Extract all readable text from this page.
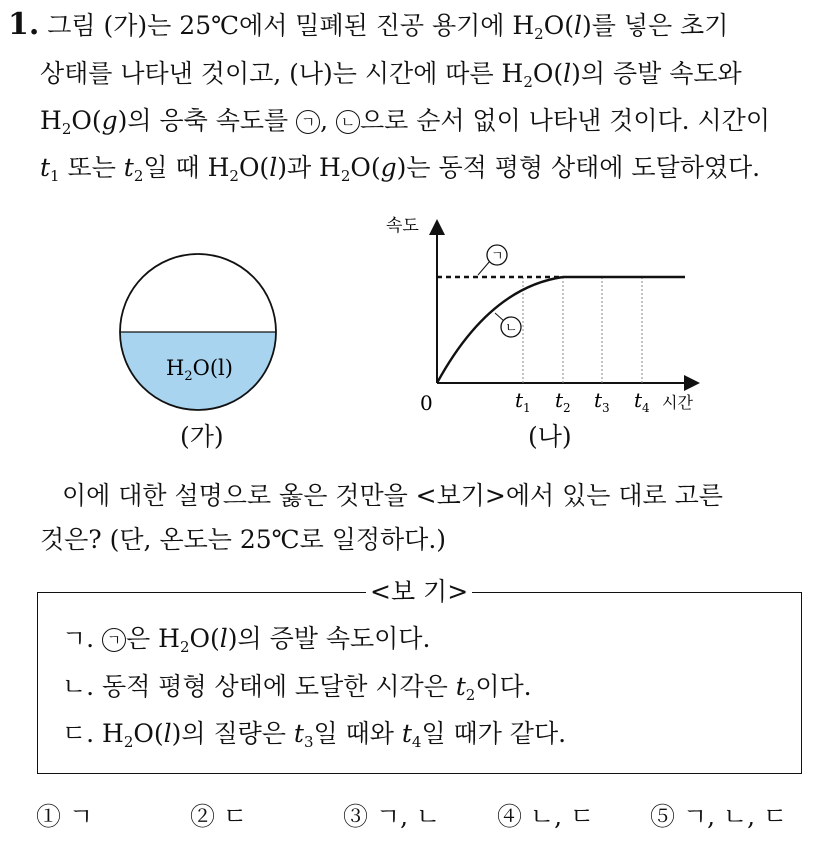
1. 그림 (가)는 25℃에서 밀폐된 진공 용기에 $H_2O(l)$를 넣은 초기
상태를 나타낸 것이고, (나)는 시간에 따른 $H_2O(l)$의 증발 속도와
$H_2O(g)$의 응축 속도를 ㄱ , ㄴ 으로 순서 없이 나타낸 것이다. 시간이
$t_1$ 또는 $t_2$일 때 $H_2O(l)$과 $H_2O(g)$는 동적 평형 상태에 도달하였다.
$H_2O(l)$
(가)
속도
ㄱ
ㄴ
$t_1$ $t_2$ $t_3$ $t_4$
0	시간
(나)
이에 대한 설명으로 옳은 것만을 <보기>에서 있는 대로 고른
것은? (단, 온도는 25℃로 일정하다.)
<보 기>
ㄱ. ㄱ 은 $H_2O(l)$의 증발 속도이다.
ㄴ. 동적 평형 상태에 도달한 시각은 $t_2$이다.
ㄷ. $H_2O(l)$의 질량은 $t_3$일 때와 $t_4$일 때가 같다.
① ㄱ	② ㄷ	③ ㄱ, ㄴ ④ ㄴ, ㄷ ⑤ ㄱ, ㄴ, ㄷ
